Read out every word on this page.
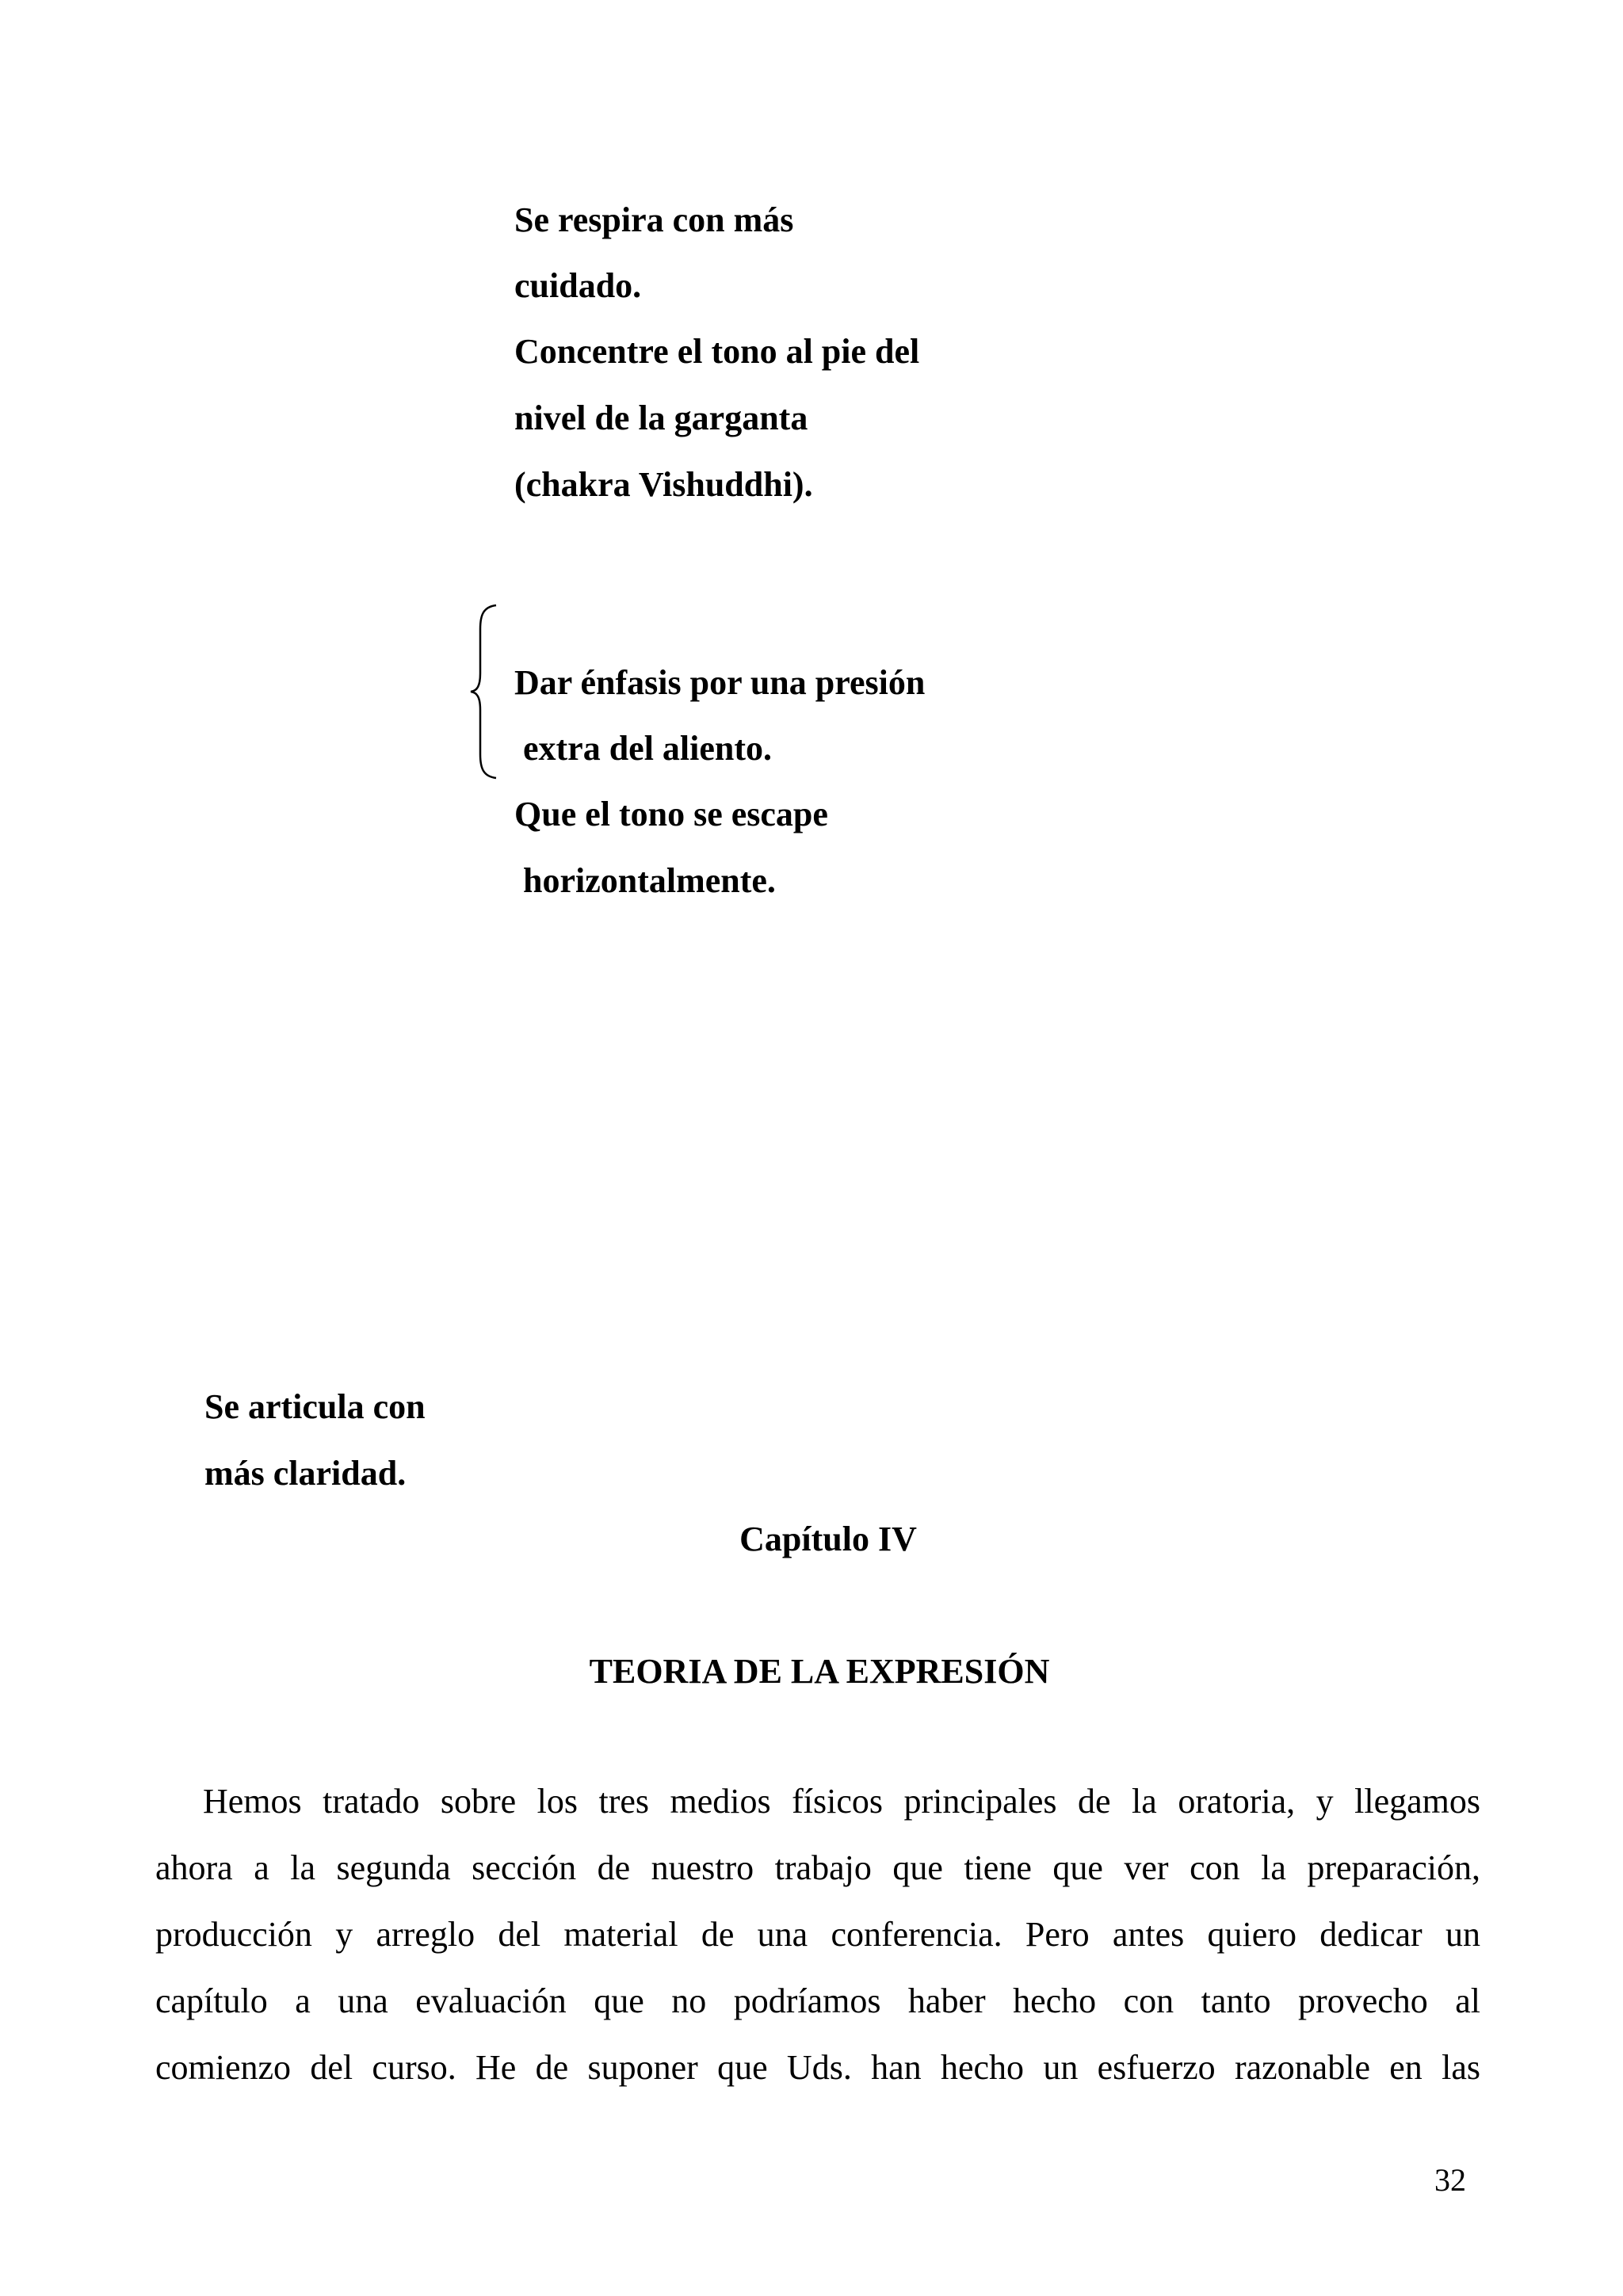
Se respira con más
cuidado.
Concentre el tono al pie del
nivel de la garganta
(chakra Vishuddhi).
Dar énfasis por una presión
extra del aliento.
Que el tono se escape
horizontalmente.
Se articula con
más claridad.
Capítulo IV
TEORIA DE LA EXPRESIÓN
Hemos tratado sobre los tres medios físicos principales de la oratoria, y llegamos
ahora a la segunda sección de nuestro trabajo que tiene que ver con la preparación,
producción y arreglo del material de una conferencia. Pero antes quiero dedicar un
capítulo a una evaluación que no podríamos haber hecho con tanto provecho al
comienzo del curso. He de suponer que Uds. han hecho un esfuerzo razonable en las
32
